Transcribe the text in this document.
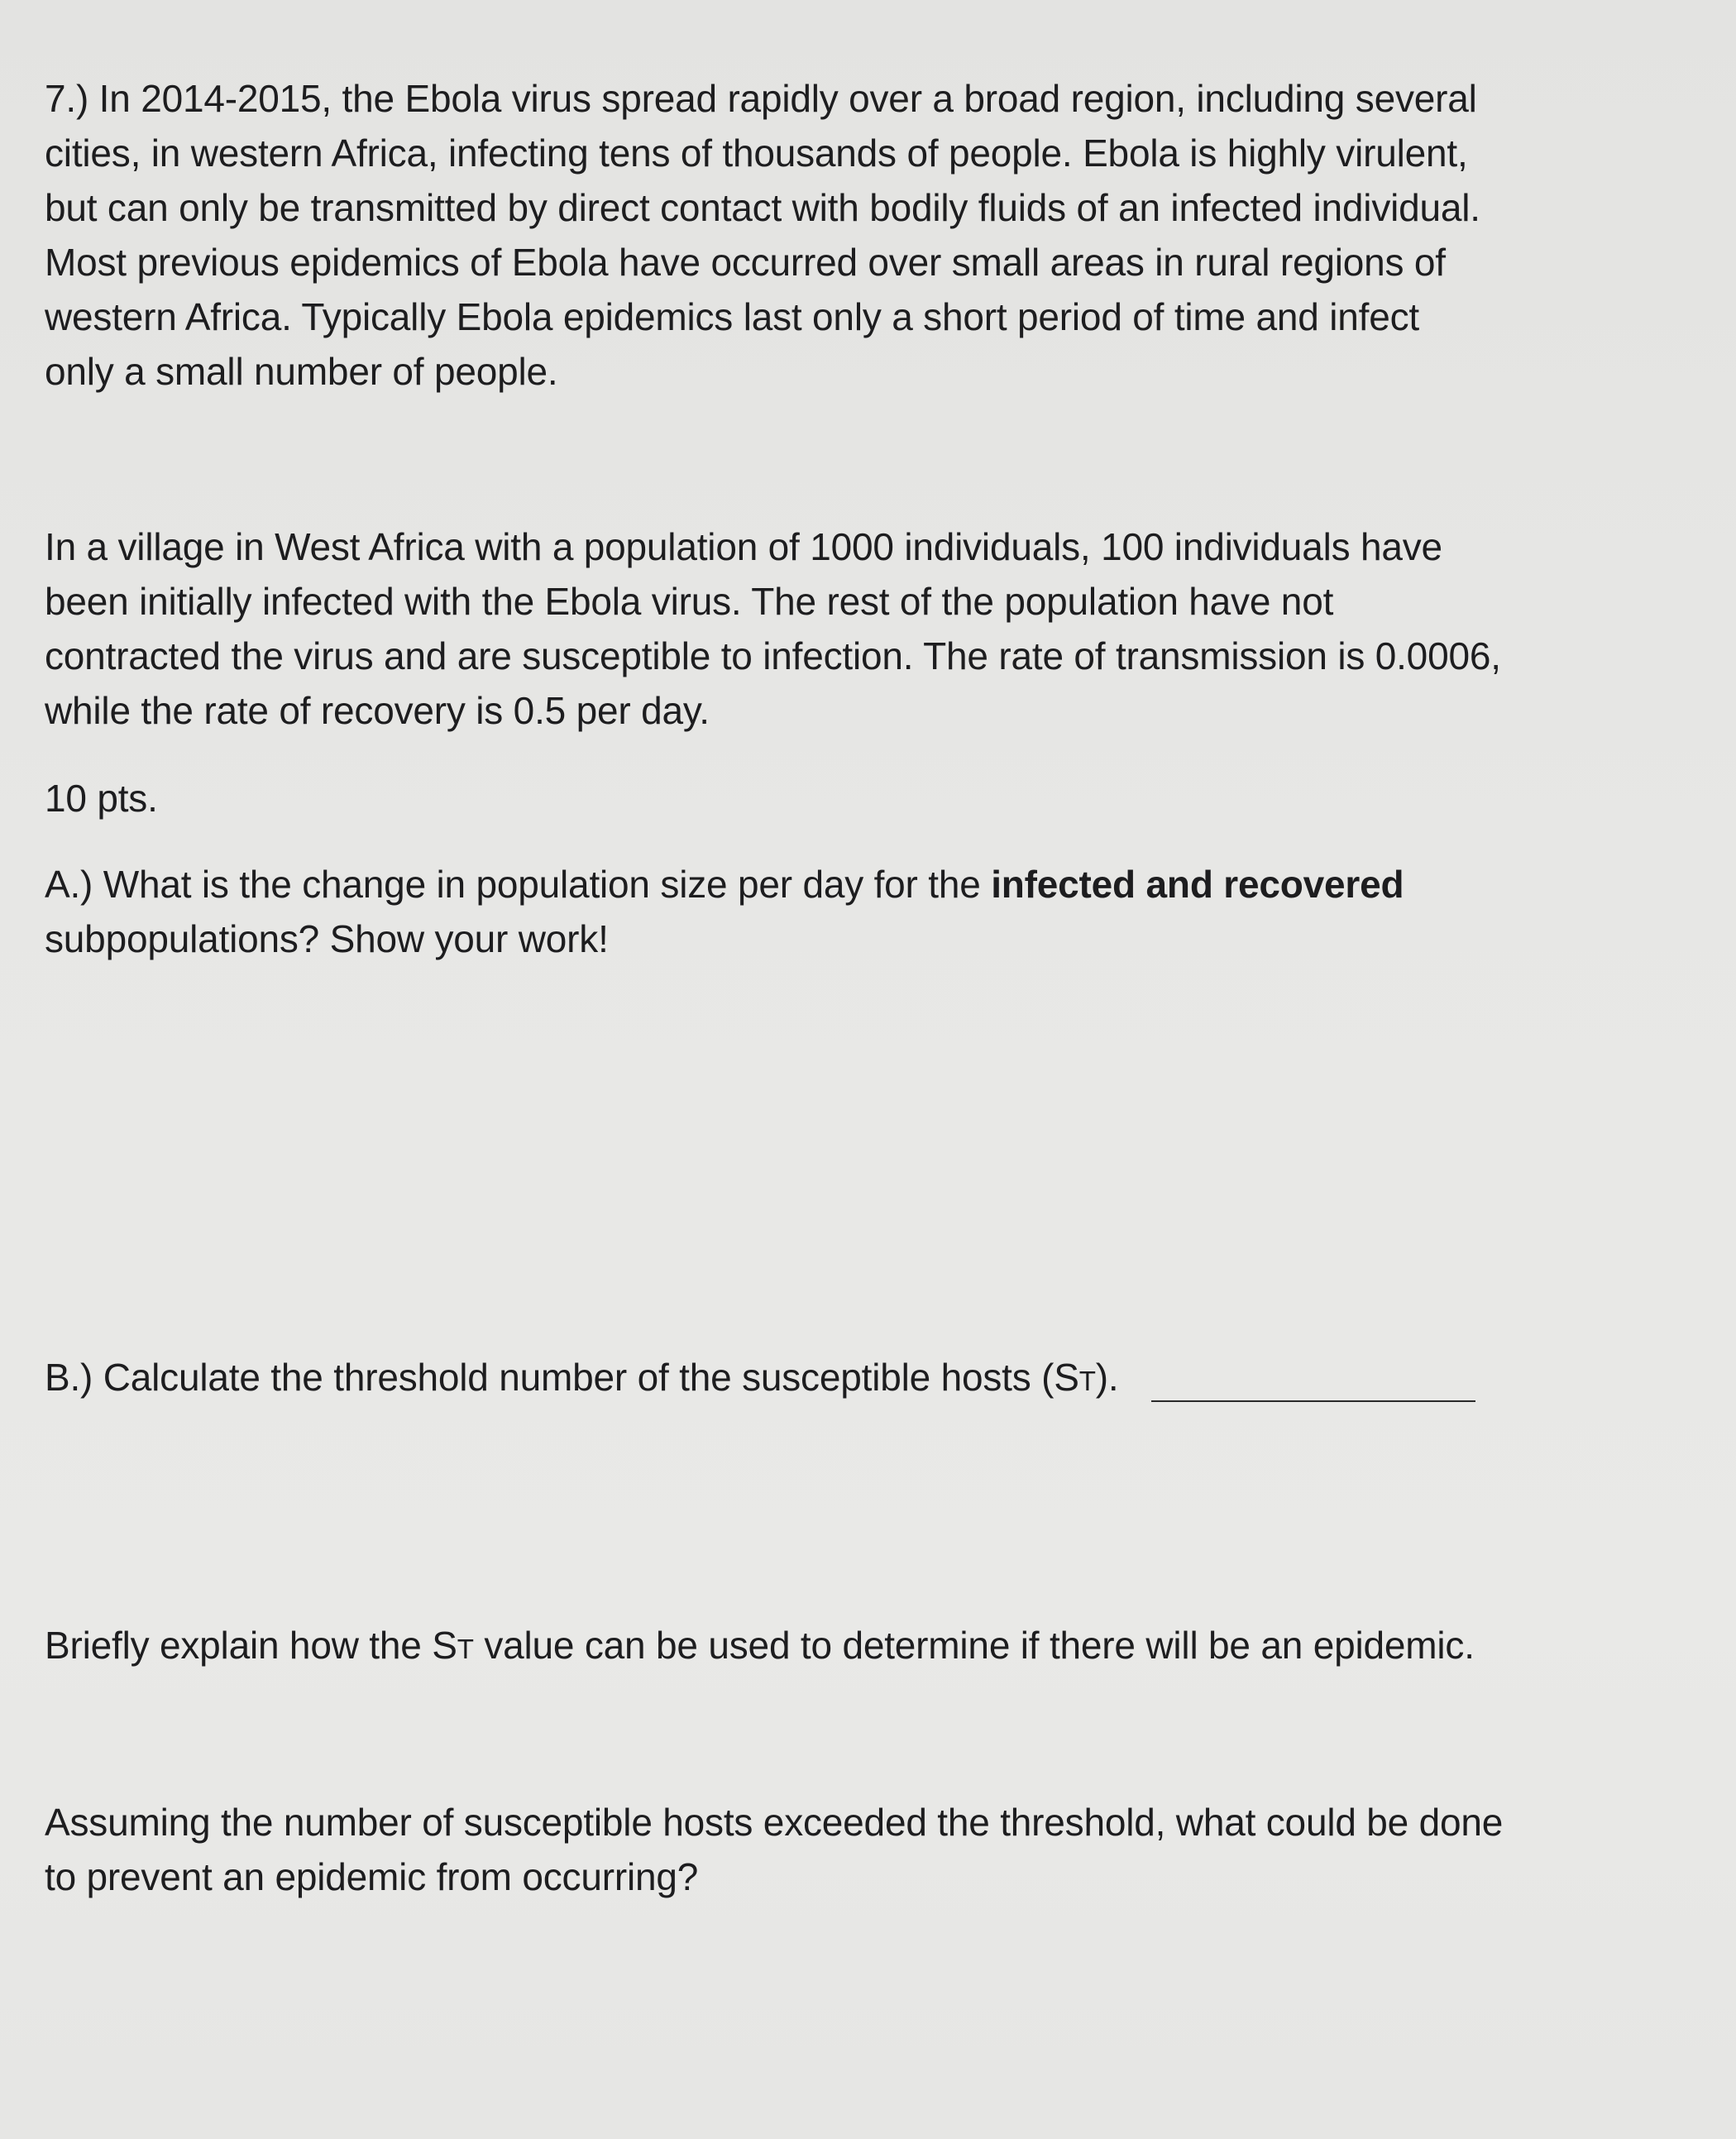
7.) In 2014-2015, the Ebola virus spread rapidly over a broad region, including several
cities, in western Africa, infecting tens of thousands of people. Ebola is highly virulent,
but can only be transmitted by direct contact with bodily fluids of an infected individual.
Most previous epidemics of Ebola have occurred over small areas in rural regions of
western Africa. Typically Ebola epidemics last only a short period of time and infect
only a small number of people.

In a village in West Africa with a population of 1000 individuals, 100 individuals have
been initially infected with the Ebola virus. The rest of the population have not
contracted the virus and are susceptible to infection. The rate of transmission is 0.0006,
while the rate of recovery is 0.5 per day.

10 pts.

A.) What is the change in population size per day for the infected and recovered
subpopulations? Show your work!

B.) Calculate the threshold number of the susceptible hosts (ST).

Briefly explain how the ST value can be used to determine if there will be an epidemic.

Assuming the number of susceptible hosts exceeded the threshold, what could be done
to prevent an epidemic from occurring?
